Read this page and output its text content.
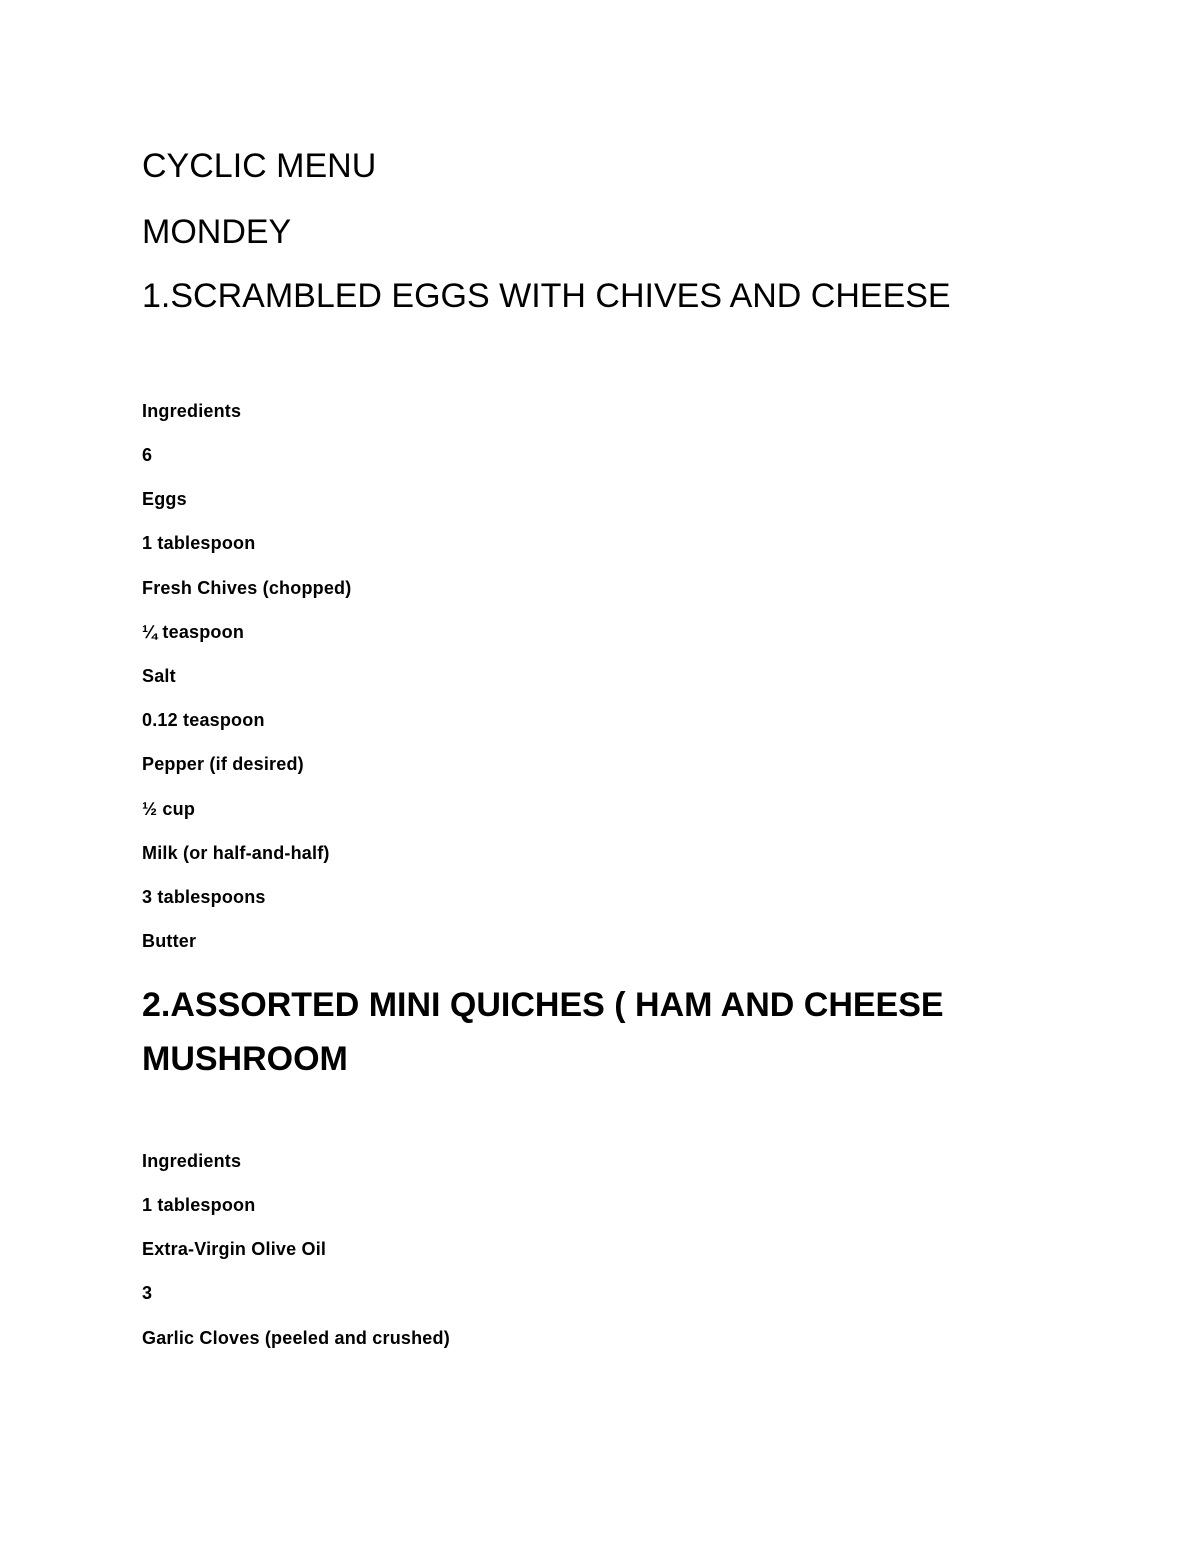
CYCLIC MENU
MONDEY
1.SCRAMBLED EGGS WITH CHIVES AND CHEESE
Ingredients
6
Eggs
1 tablespoon
Fresh Chives (chopped)
¼ teaspoon
Salt
0.12 teaspoon
Pepper (if desired)
½ cup
Milk (or half-and-half)
3 tablespoons
Butter
2.ASSORTED MINI QUICHES ( HAM AND CHEESE MUSHROOM
Ingredients
1 tablespoon
Extra-Virgin Olive Oil
3
Garlic Cloves (peeled and crushed)
